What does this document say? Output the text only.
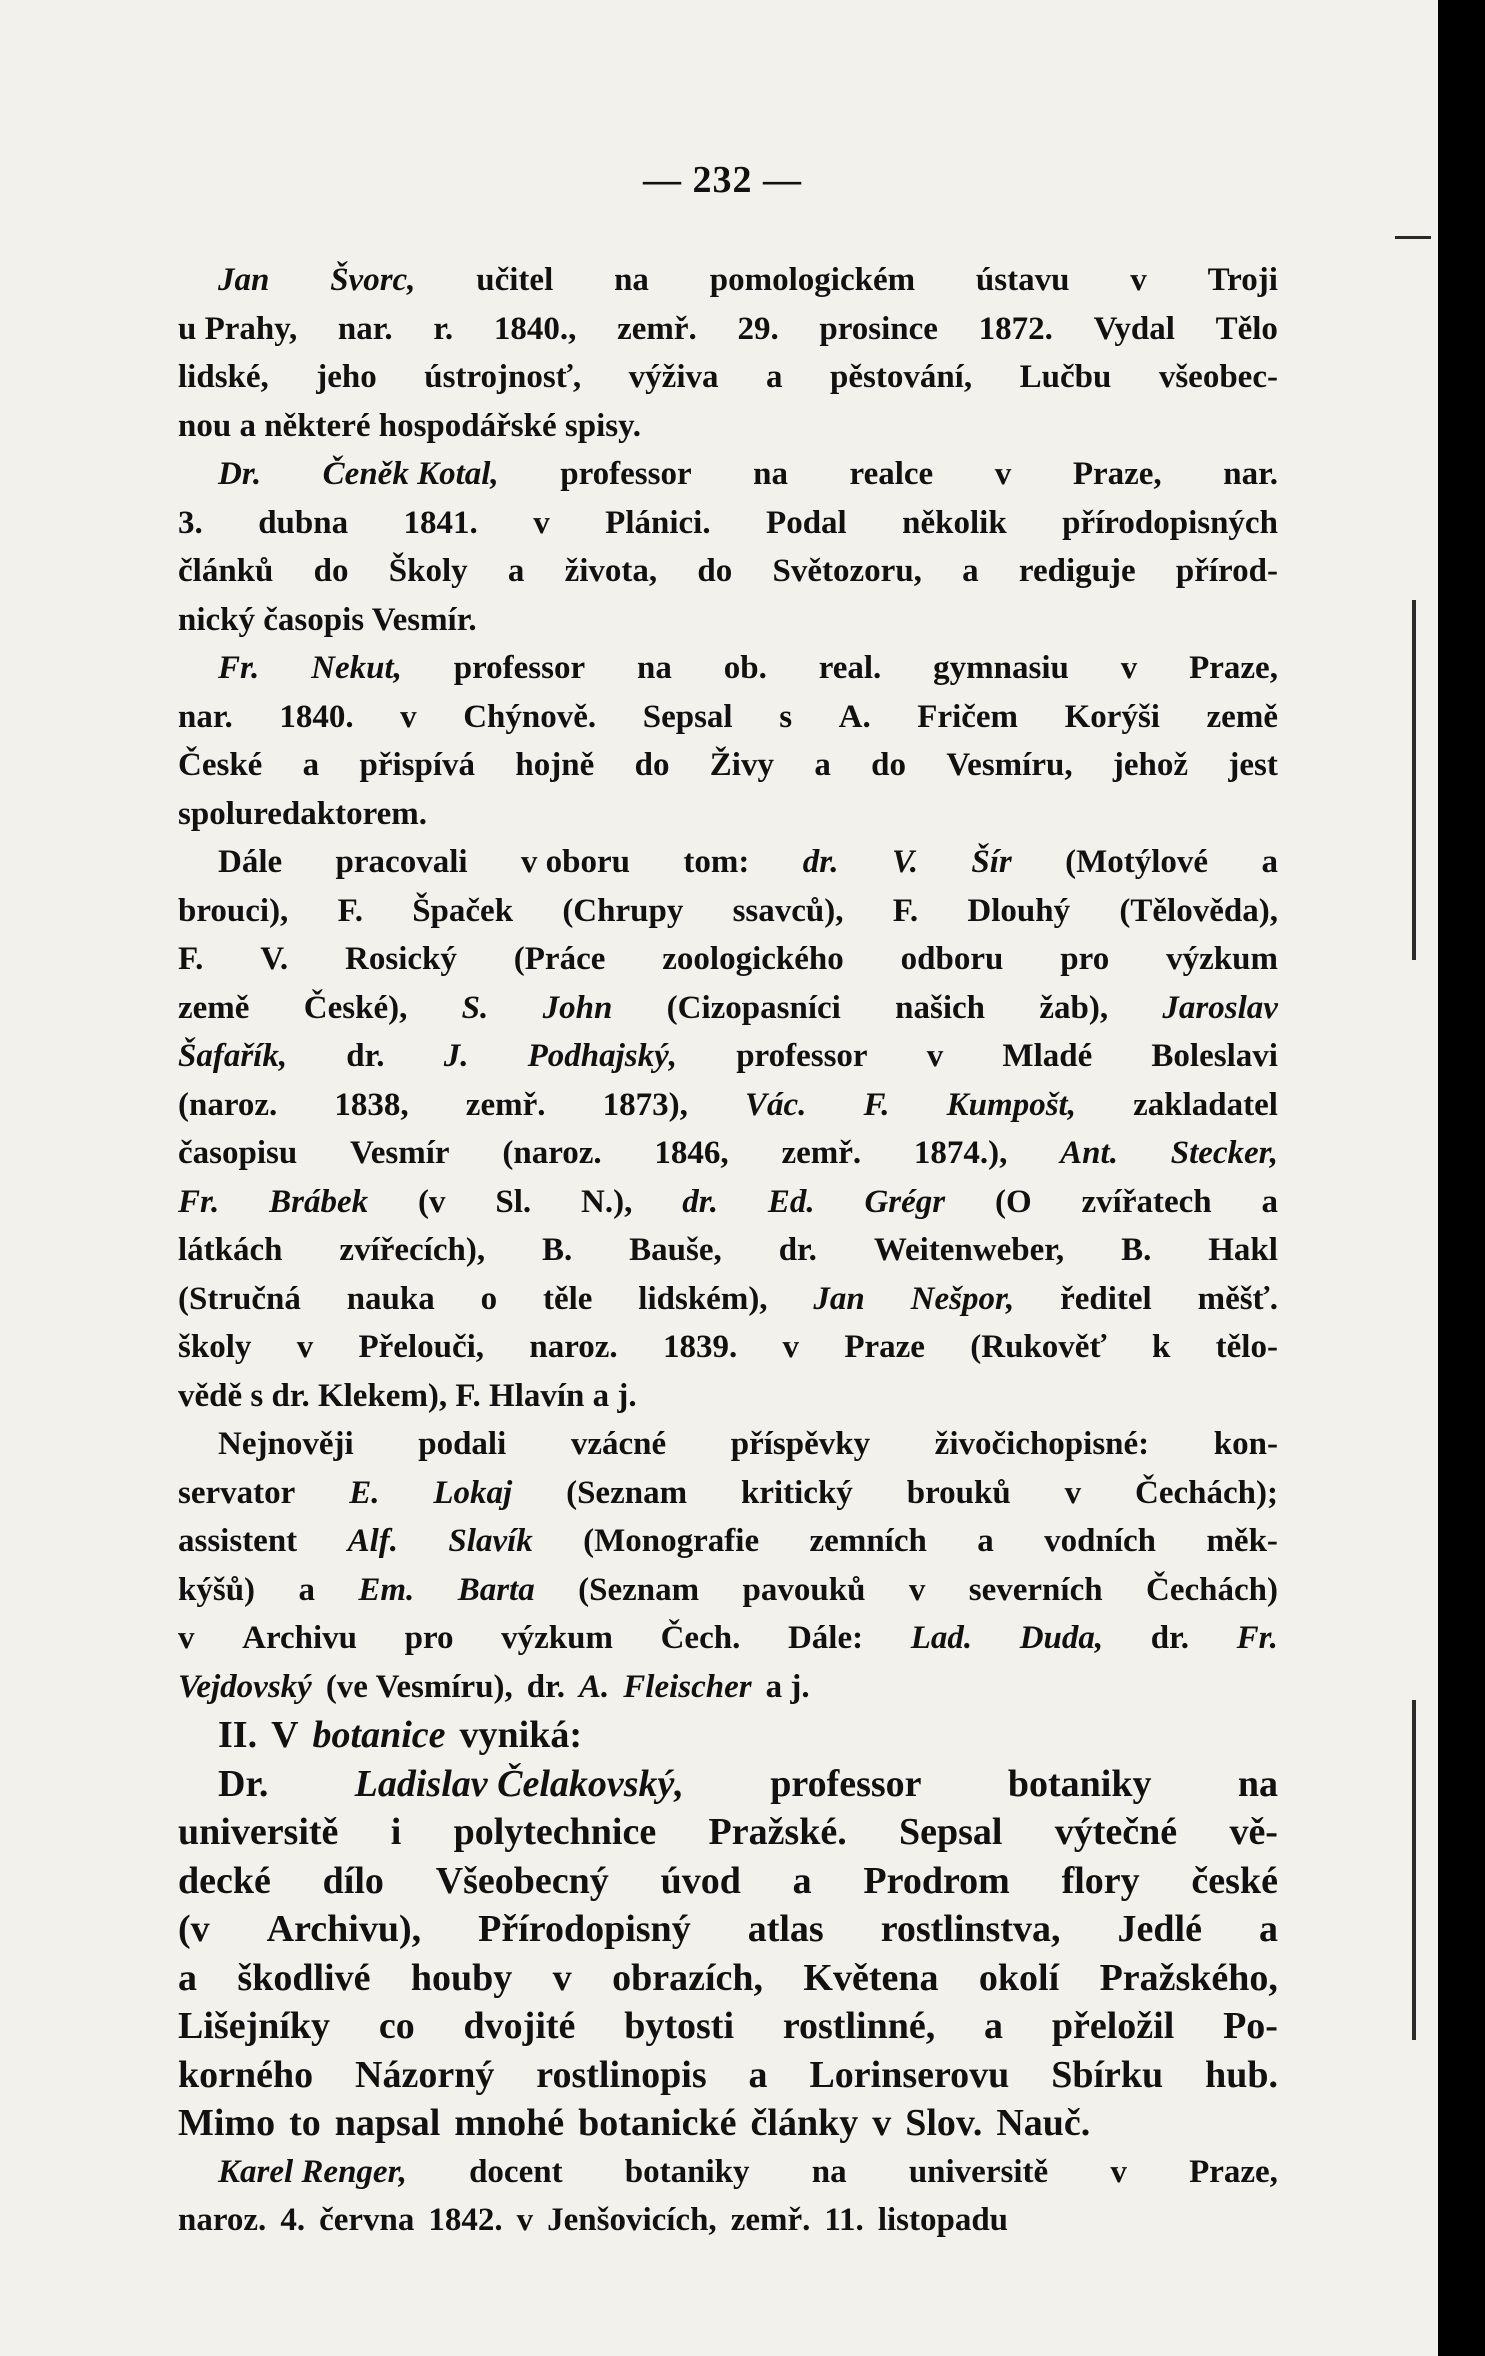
— 232 —
Jan Švorc, učitel na pomologickém ústavu v Troji
u Prahy, nar. r. 1840., zemř. 29. prosince 1872. Vydal Tělo
lidské, jeho ústrojnosť, výživa a pěstování, Lučbu všeobec-
nou a některé hospodářské spisy.
Dr. Čeněk Kotal, professor na realce v Praze, nar.
3. dubna 1841. v Plánici. Podal několik přírodopisných
článků do Školy a života, do Světozoru, a rediguje přírod-
nický časopis Vesmír.
Fr. Nekut, professor na ob. real. gymnasiu v Praze,
nar. 1840. v Chýnově. Sepsal s A. Fričem Korýši země
České a přispívá hojně do Živy a do Vesmíru, jehož jest
spoluredaktorem.
Dále pracovali v oboru tom: dr. V. Šír (Motýlové a
brouci), F. Špaček (Chrupy ssavců), F. Dlouhý (Tělověda),
F. V. Rosický (Práce zoologického odboru pro výzkum
země České), S. John (Cizopasníci našich žab), Jaroslav
Šafařík, dr. J. Podhajský, professor v Mladé Boleslavi
(naroz. 1838, zemř. 1873), Vác. F. Kumpošt, zakladatel
časopisu Vesmír (naroz. 1846, zemř. 1874.), Ant. Stecker,
Fr. Brábek (v Sl. N.), dr. Ed. Grégr (O zvířatech a
látkách zvířecích), B. Bauše, dr. Weitenweber, B. Hakl
(Stručná nauka o těle lidském), Jan Nešpor, ředitel měšť.
školy v Přelouči, naroz. 1839. v Praze (Rukověť k tělo-
vědě s dr. Klekem), F. Hlavín a j.
Nejnověji podali vzácné příspěvky živočichopisné: kon-
servator E. Lokaj (Seznam kritický brouků v Čechách);
assistent Alf. Slavík (Monografie zemních a vodních měk-
kýšů) a Em. Barta (Seznam pavouků v severních Čechách)
v Archivu pro výzkum Čech. Dále: Lad. Duda, dr. Fr.
Vejdovský (ve Vesmíru), dr. A. Fleischer a j.
II. V botanice vyniká:
Dr. Ladislav Čelakovský, professor botaniky na
universitě i polytechnice Pražské. Sepsal výtečné vě-
decké dílo Všeobecný úvod a Prodrom flory české
(v Archivu), Přírodopisný atlas rostlinstva, Jedlé a
a škodlivé houby v obrazích, Květena okolí Pražského,
Lišejníky co dvojité bytosti rostlinné, a přeložil Po-
korného Názorný rostlinopis a Lorinserovu Sbírku hub.
Mimo to napsal mnohé botanické články v Slov. Nauč.
Karel Renger, docent botaniky na universitě v Praze,
naroz. 4. června 1842. v Jenšovicích, zemř. 11. listopadu
